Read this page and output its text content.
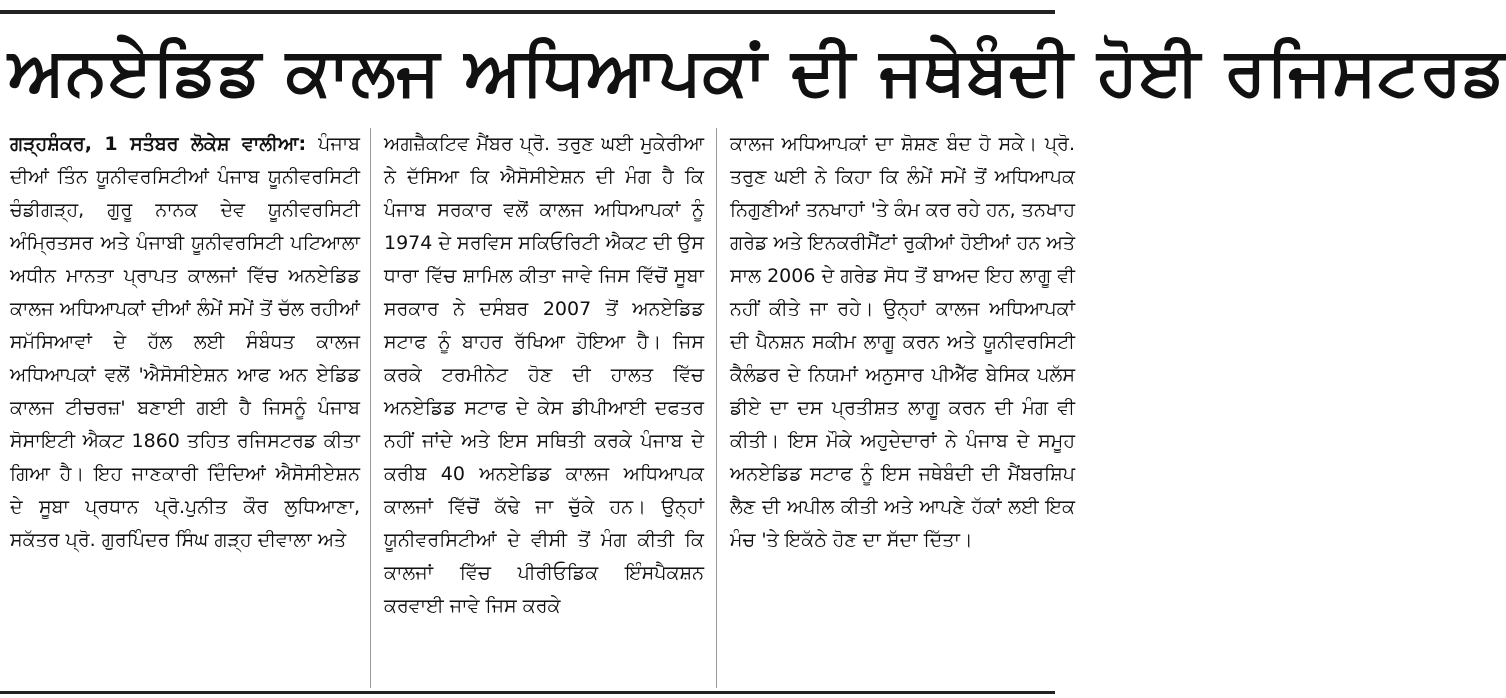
ਅਨਏਡਿਡ ਕਾਲਜ ਅਧਿਆਪਕਾਂ ਦੀ ਜਥੇਬੰਦੀ ਹੋਈ ਰਜਿਸਟਰਡ

ਗੜ੍ਹਸ਼ੰਕਰ, 1 ਸਤੰਬਰ ਲੋਕੇਸ਼ ਵਾਲੀਆ: ਪੰਜਾਬ ਦੀਆਂ ਤਿੰਨ ਯੂਨੀਵਰਸਿਟੀਆਂ ਪੰਜਾਬ ਯੂਨੀਵਰਸਿਟੀ ਚੰਡੀਗੜ੍ਹ, ਗੁਰੂ ਨਾਨਕ ਦੇਵ ਯੂਨੀਵਰਸਿਟੀ ਅੰਮ੍ਰਿਤਸਰ ਅਤੇ ਪੰਜਾਬੀ ਯੂਨੀਵਰਸਿਟੀ ਪਟਿਆਲਾ ਅਧੀਨ ਮਾਨਤਾ ਪ੍ਰਾਪਤ ਕਾਲਜਾਂ ਵਿੱਚ ਅਨਏਡਿਡ ਕਾਲਜ ਅਧਿਆਪਕਾਂ ਦੀਆਂ ਲੰਮੇਂ ਸਮੇਂ ਤੋਂ ਚੱਲ ਰਹੀਆਂ ਸਮੱਸਿਆਵਾਂ ਦੇ ਹੱਲ ਲਈ ਸੰਬੰਧਤ ਕਾਲਜ ਅਧਿਆਪਕਾਂ ਵਲੋਂ 'ਐਸੋਸੀਏਸ਼ਨ ਆਫ ਅਨ ਏਡਿਡ ਕਾਲਜ ਟੀਚਰਜ਼' ਬਣਾਈ ਗਈ ਹੈ ਜਿਸਨੂੰ ਪੰਜਾਬ ਸੋਸਾਇਟੀ ਐਕਟ 1860 ਤਹਿਤ ਰਜਿਸਟਰਡ ਕੀਤਾ ਗਿਆ ਹੈ। ਇਹ ਜਾਣਕਾਰੀ ਦਿੰਦਿਆਂ ਐਸੋਸੀਏਸ਼ਨ ਦੇ ਸੂਬਾ ਪ੍ਰਧਾਨ ਪ੍ਰੋ.ਪੁਨੀਤ ਕੌਰ ਲੁਧਿਆਣਾ, ਸਕੱਤਰ ਪ੍ਰੋ. ਗੁਰਪਿੰਦਰ ਸਿੰਘ ਗੜ੍ਹ ਦੀਵਾਲਾ ਅਤੇ

ਅਗਜ਼ੈਕਟਿਵ ਮੈਂਬਰ ਪ੍ਰੋ. ਤਰੁਣ ਘਈ ਮੁਕੇਰੀਆ ਨੇ ਦੱਸਿਆ ਕਿ ਐਸੋਸੀਏਸ਼ਨ ਦੀ ਮੰਗ ਹੈ ਕਿ ਪੰਜਾਬ ਸਰਕਾਰ ਵਲੋਂ ਕਾਲਜ ਅਧਿਆਪਕਾਂ ਨੂੰ 1974 ਦੇ ਸਰਵਿਸ ਸਕਿਓਰਿਟੀ ਐਕਟ ਦੀ ਉਸ ਧਾਰਾ ਵਿੱਚ ਸ਼ਾਮਿਲ ਕੀਤਾ ਜਾਵੇ ਜਿਸ ਵਿੱਚੋਂ ਸੂਬਾ ਸਰਕਾਰ ਨੇ ਦਸੰਬਰ 2007 ਤੋਂ ਅਨਏਡਿਡ ਸਟਾਫ ਨੂੰ ਬਾਹਰ ਰੱਖਿਆ ਹੋਇਆ ਹੈ। ਜਿਸ ਕਰਕੇ ਟਰਮੀਨੇਟ ਹੋਣ ਦੀ ਹਾਲਤ ਵਿੱਚ ਅਨਏਡਿਡ ਸਟਾਫ ਦੇ ਕੇਸ ਡੀਪੀਆਈ ਦਫਤਰ ਨਹੀਂ ਜਾਂਦੇ ਅਤੇ ਇਸ ਸਥਿਤੀ ਕਰਕੇ ਪੰਜਾਬ ਦੇ ਕਰੀਬ 40 ਅਨਏਡਿਡ ਕਾਲਜ ਅਧਿਆਪਕ ਕਾਲਜਾਂ ਵਿੱਚੋਂ ਕੱਢੇ ਜਾ ਚੁੱਕੇ ਹਨ। ਉਨ੍ਹਾਂ ਯੂਨੀਵਰਸਿਟੀਆਂ ਦੇ ਵੀਸੀ ਤੋਂ ਮੰਗ ਕੀਤੀ ਕਿ ਕਾਲਜਾਂ ਵਿੱਚ ਪੀਰੀਓਡਿਕ ਇੰਸਪੈਕਸ਼ਨ ਕਰਵਾਈ ਜਾਵੇ ਜਿਸ ਕਰਕੇ

ਕਾਲਜ ਅਧਿਆਪਕਾਂ ਦਾ ਸ਼ੋਸ਼ਣ ਬੰਦ ਹੋ ਸਕੇ। ਪ੍ਰੋ. ਤਰੁਣ ਘਈ ਨੇ ਕਿਹਾ ਕਿ ਲੰਮੇਂ ਸਮੇਂ ਤੋਂ ਅਧਿਆਪਕ ਨਿਗੁਣੀਆਂ ਤਨਖਾਹਾਂ 'ਤੇ ਕੰਮ ਕਰ ਰਹੇ ਹਨ, ਤਨਖਾਹ ਗਰੇਡ ਅਤੇ ਇਨਕਰੀਮੈਂਟਾਂ ਰੁਕੀਆਂ ਹੋਈਆਂ ਹਨ ਅਤੇ ਸਾਲ 2006 ਦੇ ਗਰੇਡ ਸੋਧ ਤੋਂ ਬਾਅਦ ਇਹ ਲਾਗੂ ਵੀ ਨਹੀਂ ਕੀਤੇ ਜਾ ਰਹੇ। ਉਨ੍ਹਾਂ ਕਾਲਜ ਅਧਿਆਪਕਾਂ ਦੀ ਪੈਨਸ਼ਨ ਸਕੀਮ ਲਾਗੂ ਕਰਨ ਅਤੇ ਯੂਨੀਵਰਸਿਟੀ ਕੈਲੰਡਰ ਦੇ ਨਿਯਮਾਂ ਅਨੁਸਾਰ ਪੀਐੱਫ ਬੇਸਿਕ ਪਲੱਸ ਡੀਏ ਦਾ ਦਸ ਪ੍ਰਤੀਸ਼ਤ ਲਾਗੂ ਕਰਨ ਦੀ ਮੰਗ ਵੀ ਕੀਤੀ। ਇਸ ਮੌਕੇ ਅਹੁਦੇਦਾਰਾਂ ਨੇ ਪੰਜਾਬ ਦੇ ਸਮੂਹ ਅਨਏਡਿਡ ਸਟਾਫ ਨੂੰ ਇਸ ਜਥੇਬੰਦੀ ਦੀ ਮੈਂਬਰਸ਼ਿਪ ਲੈਣ ਦੀ ਅਪੀਲ ਕੀਤੀ ਅਤੇ ਆਪਣੇ ਹੱਕਾਂ ਲਈ ਇਕ ਮੰਚ 'ਤੇ ਇਕੱਠੇ ਹੋਣ ਦਾ ਸੱਦਾ ਦਿੱਤਾ।
